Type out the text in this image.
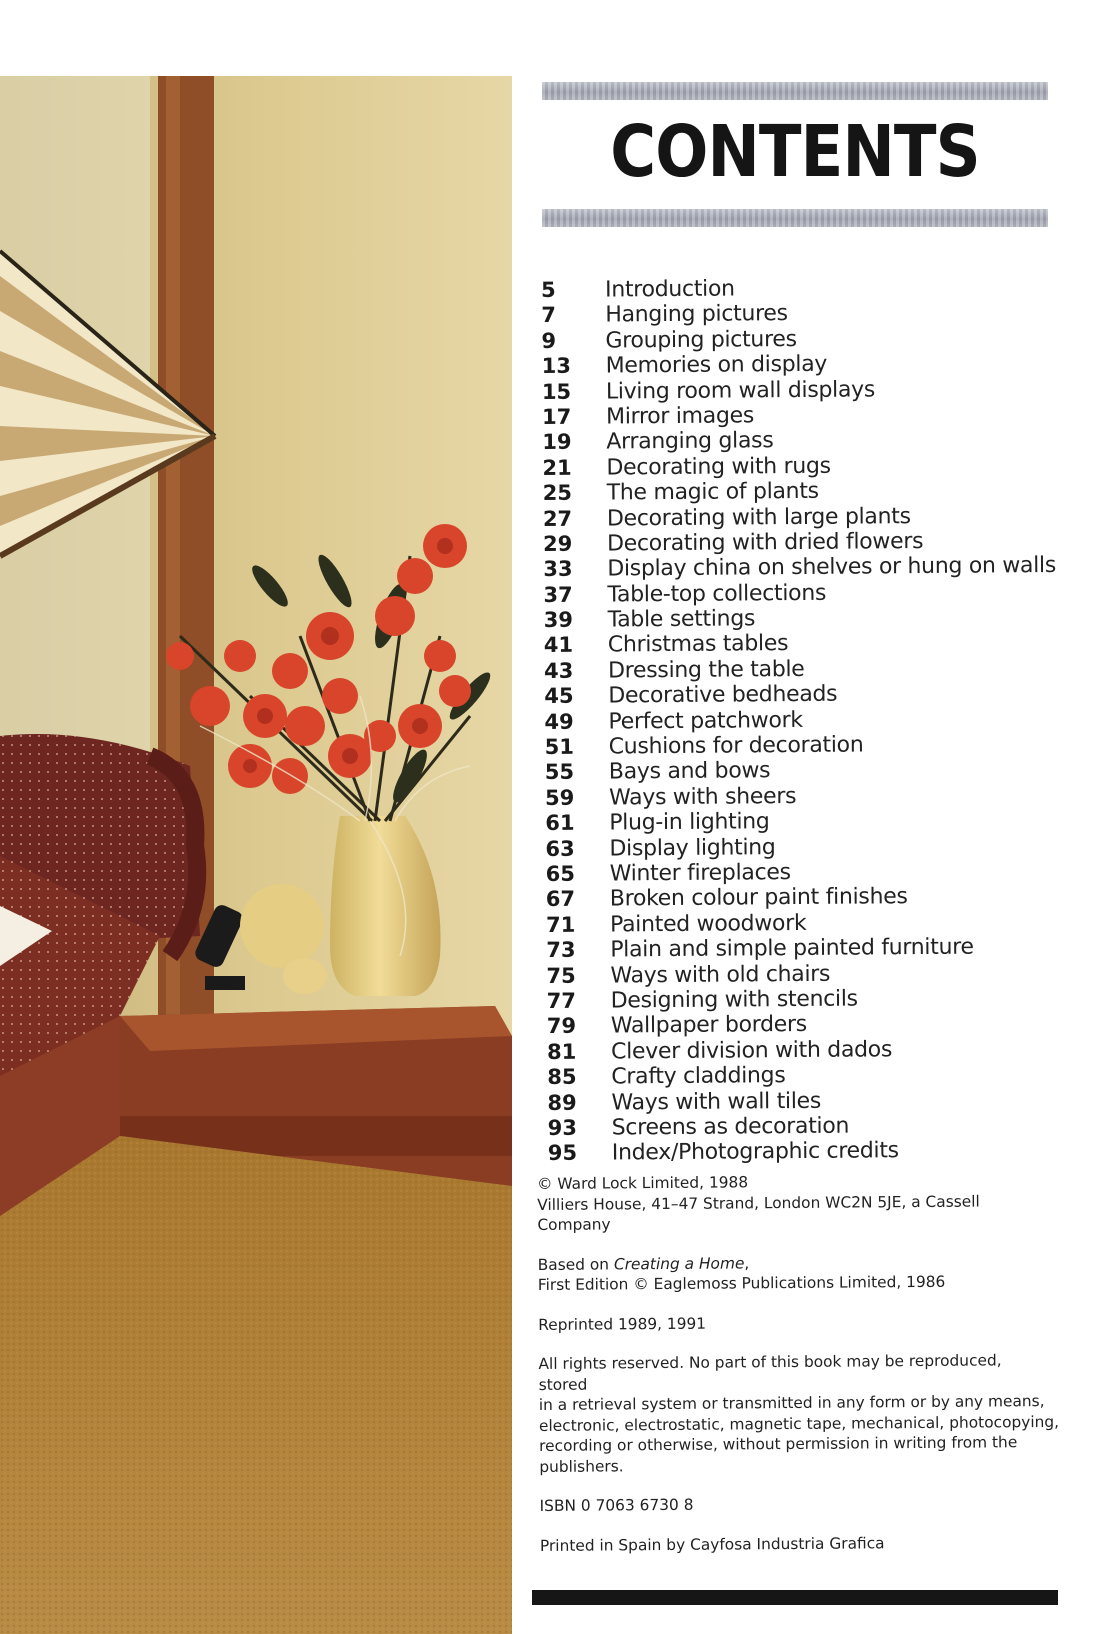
CONTENTS
5	Introduction
7	Hanging pictures
9	Grouping pictures
13	Memories on display
15	Living room wall displays
17	Mirror images
19	Arranging glass
21	Decorating with rugs
25	The magic of plants
27	Decorating with large plants
29	Decorating with dried flowers
33	Display china on shelves or hung on walls
37	Table-top collections
39	Table settings
41	Christmas tables
43	Dressing the table
45	Decorative bedheads
49	Perfect patchwork
51	Cushions for decoration
55	Bays and bows
59	Ways with sheers
61	Plug-in lighting
63	Display lighting
65	Winter fireplaces
67	Broken colour paint finishes
71	Painted woodwork
73	Plain and simple painted furniture
75	Ways with old chairs
77	Designing with stencils
79	Wallpaper borders
81	Clever division with dados
85	Crafty claddings
89	Ways with wall tiles
93	Screens as decoration
95	Index/Photographic credits

© Ward Lock Limited, 1988

Villiers House, 41–47 Strand, London WC2N 5JE, a Cassell

Company

Based on Creating a Home,

First Edition © Eaglemoss Publications Limited, 1986

Reprinted 1989, 1991

All rights reserved. No part of this book may be reproduced,

stored

in a retrieval system or transmitted in any form or by any means,

electronic, electrostatic, magnetic tape, mechanical, photocopying,

recording or otherwise, without permission in writing from the

publishers.

ISBN 0 7063 6730 8

Printed in Spain by Cayfosa Industria Grafica
